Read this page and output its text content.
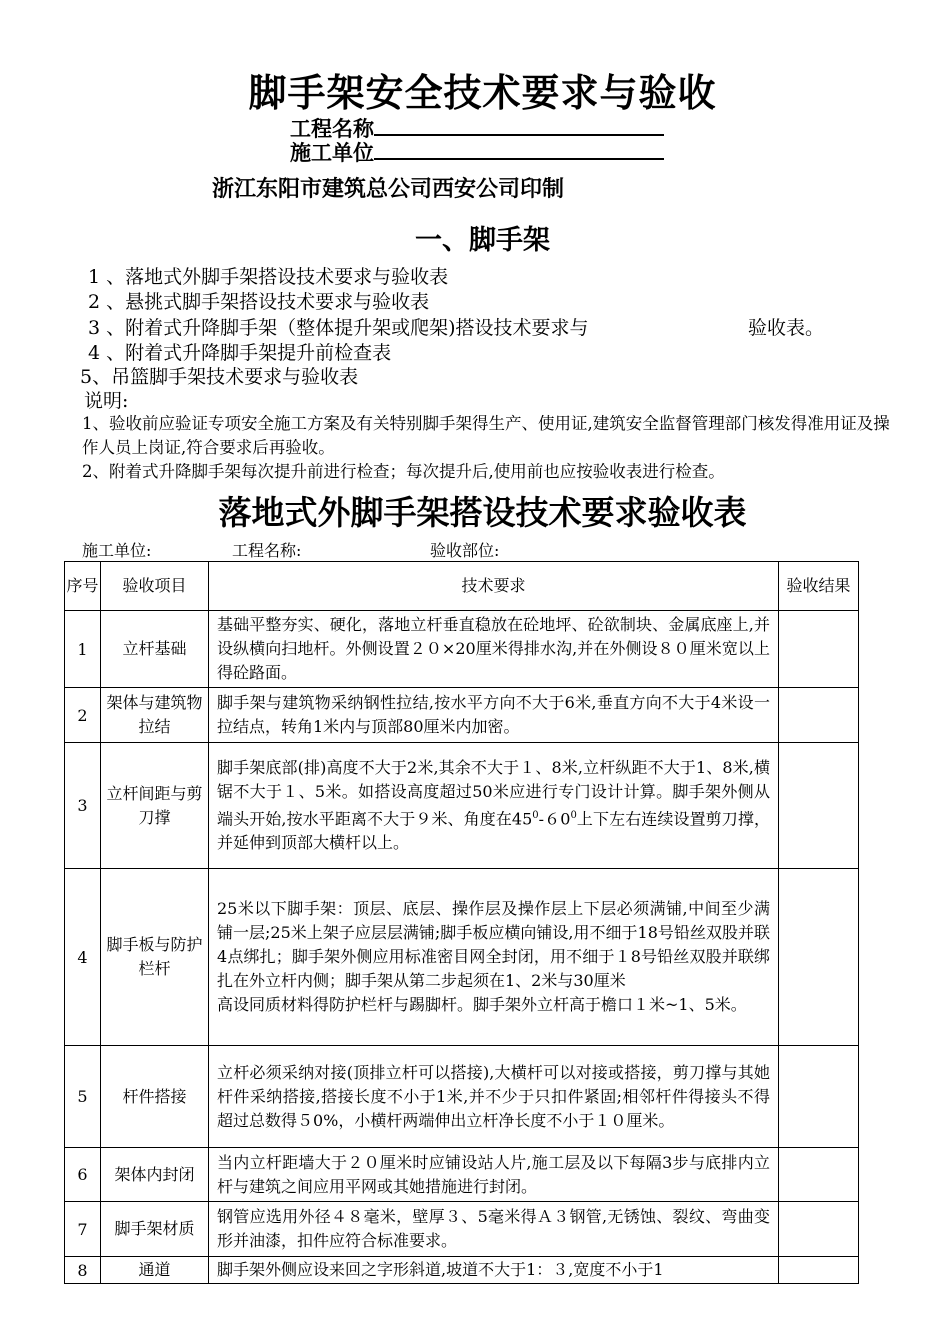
脚手架安全技术要求与验收
工程名称
施工单位
浙江东阳市建筑总公司西安公司印制
一、脚手架
1 、落地式外脚手架搭设技术要求与验收表
2 、悬挑式脚手架搭设技术要求与验收表
3 、附着式升降脚手架（整体提升架或爬架)搭设技术要求与	验收表。
4 、附着式升降脚手架提升前检查表
5、吊篮脚手架技术要求与验收表
说明:
1、验收前应验证专项安全施工方案及有关特别脚手架得生产、使用证,建筑安全监督管理部门核发得准用证及操作人员上岗证,符合要求后再验收。
2、附着式升降脚手架每次提升前进行检查；每次提升后,使用前也应按验收表进行检查。
落地式外脚手架搭设技术要求验收表
施工单位:	工程名称:	验收部位:
序号	验收项目	技术要求	验收结果
1	立杆基础	基础平整夯实、硬化，落地立杆垂直稳放在砼地坪、砼欲制块、金属底座上,并设纵横向扫地杆。外侧设置２０×20厘米得排水沟,并在外侧设８０厘米宽以上得砼路面。	
2	架体与建筑物拉结	脚手架与建筑物采纳钢性拉结,按水平方向不大于6米,垂直方向不大于4米设一拉结点，转角1米内与顶部80厘米内加密。	
3	立杆间距与剪刀撑	脚手架底部(排)高度不大于2米,其余不大于１、8米,立杆纵距不大于1、8米,横锯不大于１、5米。如搭设高度超过50米应进行专门设计计算。脚手架外侧从端头开始,按水平距离不大于９米、角度在$45^0-60^0$上下左右连续设置剪刀撑，并延伸到顶部大横杆以上。	
4	脚手板与防护栏杆	25米以下脚手架：顶层、底层、操作层及操作层上下层必须满铺,中间至少满铺一层;25米上架子应层层满铺;脚手板应横向铺设,用不细于18号铅丝双股并联4点绑扎；脚手架外侧应用标准密目网全封闭，用不细于１8号铅丝双股并联绑扎在外立杆内侧；脚手架从第二步起须在1、2米与30厘米
高设同质材料得防护栏杆与踢脚杆。脚手架外立杆高于檐口１米~1、5米。	

5	杆件搭接	立杆必须采纳对接(顶排立杆可以搭接),大横杆可以对接或搭接，剪刀撑与其她杆件采纳搭接,搭接长度不小于1米,并不少于只扣件紧固;相邻杆件得接头不得超过总数得５0%，小横杆两端伸出立杆净长度不小于１０厘米。	
6	架体内封闭	当内立杆距墙大于２０厘米时应铺设站人片,施工层及以下每隔3步与底排内立杆与建筑之间应用平网或其她措施进行封闭。	
7	脚手架材质	钢管应选用外径４８毫米，壁厚３、5毫米得Ａ３钢管,无锈蚀、裂纹、弯曲变形并油漆，扣件应符合标准要求。	
8	通道	脚手架外侧应设来回之字形斜道,坡道不大于1：３,宽度不小于1	
